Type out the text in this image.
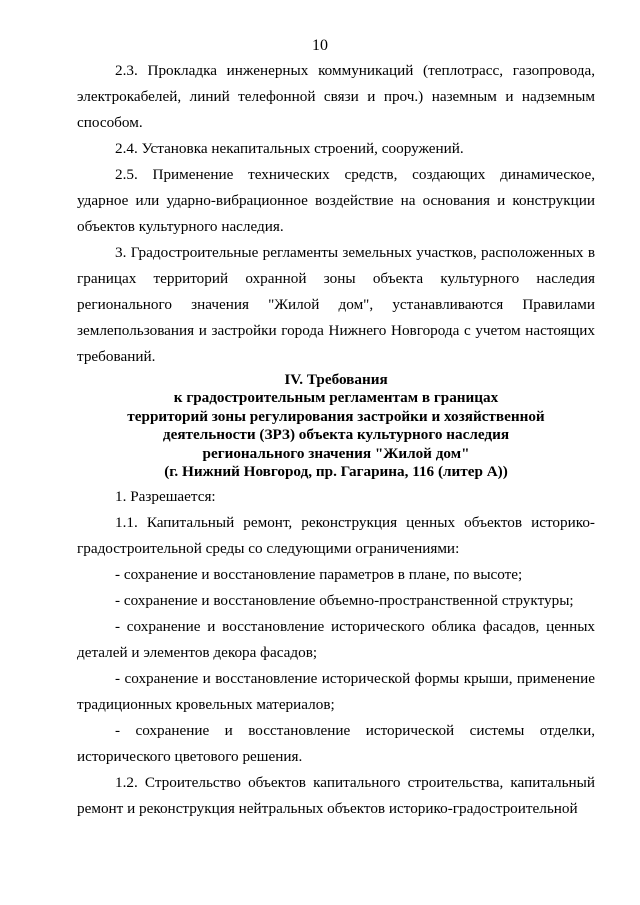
10

2.3. Прокладка инженерных коммуникаций (теплотрасс, газопровода, электрокабелей, линий телефонной связи и проч.) наземным и надземным способом.

2.4. Установка некапитальных строений, сооружений.

2.5. Применение технических средств, создающих динамическое, ударное или ударно-вибрационное воздействие на основания и конструкции объектов культурного наследия.

3. Градостроительные регламенты земельных участков, расположенных в границах территорий охранной зоны объекта культурного наследия регионального значения "Жилой дом", устанавливаются Правилами землепользования и застройки города Нижнего Новгорода с учетом настоящих требований.

IV. Требования
к градостроительным регламентам в границах
территорий зоны регулирования застройки и хозяйственной
деятельности (ЗРЗ) объекта культурного наследия
регионального значения "Жилой дом"
(г. Нижний Новгород, пр. Гагарина, 116 (литер А))

1. Разрешается:

1.1. Капитальный ремонт, реконструкция ценных объектов историко-градостроительной среды со следующими ограничениями:

- сохранение и восстановление параметров в плане, по высоте;

- сохранение и восстановление объемно-пространственной структуры;

- сохранение и восстановление исторического облика фасадов, ценных деталей и элементов декора фасадов;

- сохранение и восстановление исторической формы крыши, применение традиционных кровельных материалов;

- сохранение и восстановление исторической системы отделки, исторического цветового решения.

1.2. Строительство объектов капитального строительства, капитальный ремонт и реконструкция нейтральных объектов историко-градостроительной
